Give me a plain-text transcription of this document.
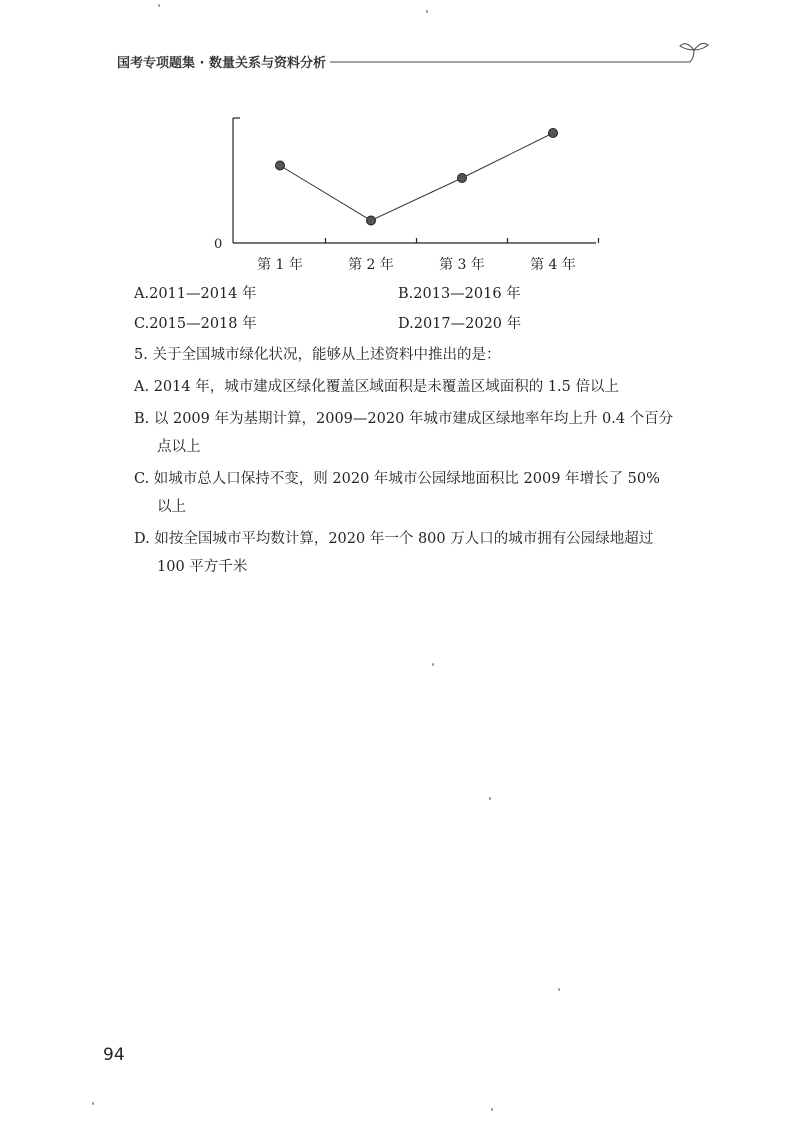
国考专项题集 · 数量关系与资料分析
0
第 1 年	第 2 年	第 3 年	第 4 年
A.2011—2014 年	B.2013—2016 年
C.2015—2018 年	D.2017—2020 年
5. 关于全国城市绿化状况，能够从上述资料中推出的是：
A. 2014 年，城市建成区绿化覆盖区域面积是未覆盖区域面积的 1.5 倍以上
B. 以 2009 年为基期计算，2009—2020 年城市建成区绿地率年均上升 0.4 个百分
点以上
C. 如城市总人口保持不变，则 2020 年城市公园绿地面积比 2009 年增长了 50%
以上
D. 如按全国城市平均数计算，2020 年一个 800 万人口的城市拥有公园绿地超过
100 平方千米
94
